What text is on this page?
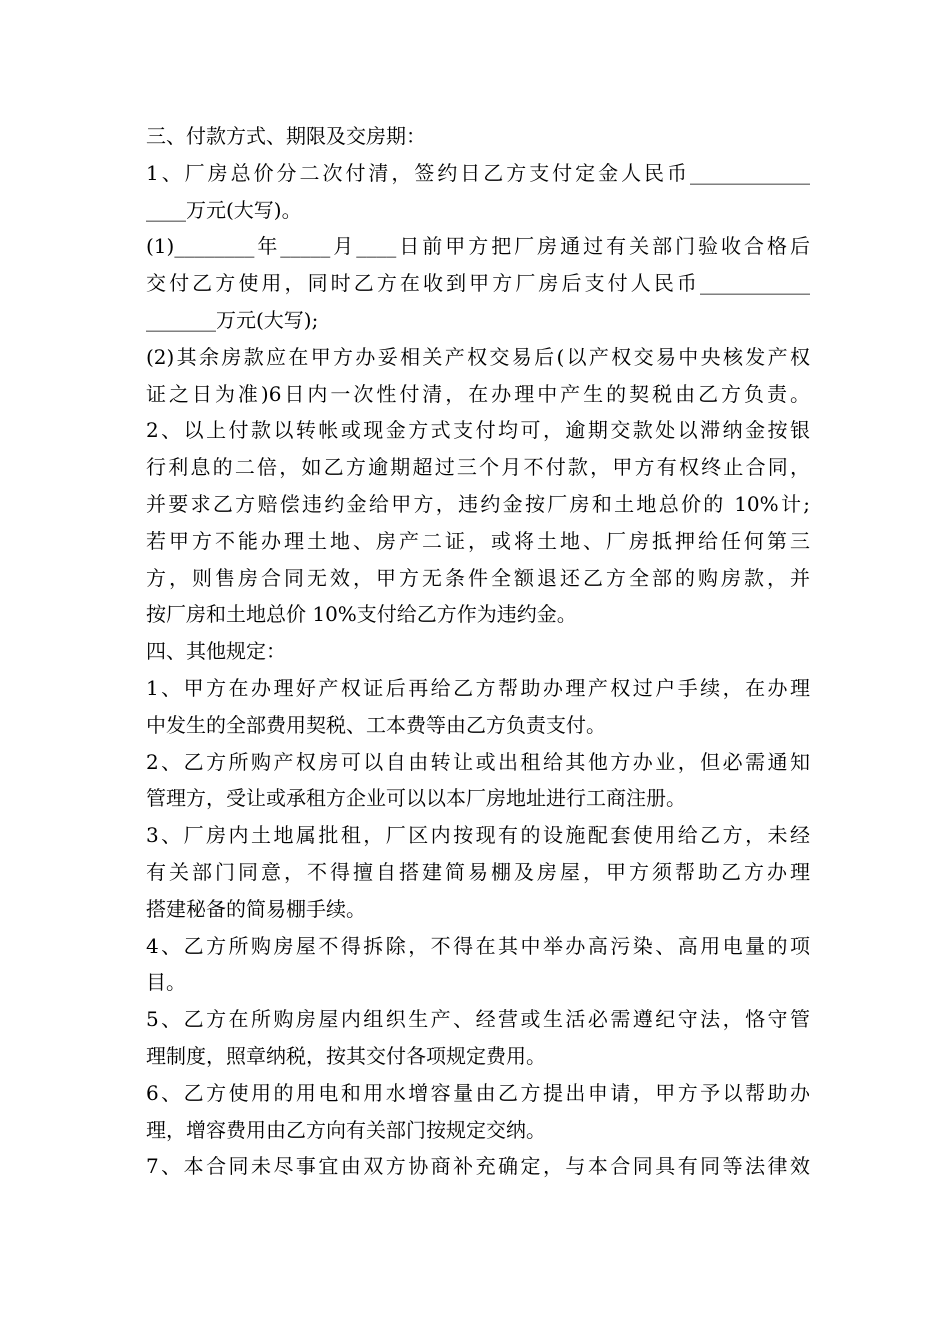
三、付款方式、期限及交房期：
1、厂房总价分二次付清，签约日乙方支付定金人民币____________
____万元(大写)。
(1)________年_____月____日前甲方把厂房通过有关部门验收合格后
交付乙方使用，同时乙方在收到甲方厂房后支付人民币___________
_______万元(大写);
(2)其余房款应在甲方办妥相关产权交易后(以产权交易中央核发产权
证之日为准)6日内一次性付清，在办理中产生的契税由乙方负责。
2、以上付款以转帐或现金方式支付均可，逾期交款处以滞纳金按银
行利息的二倍，如乙方逾期超过三个月不付款，甲方有权终止合同，
并要求乙方赔偿违约金给甲方，违约金按厂房和土地总价的 10%计;
若甲方不能办理土地、房产二证，或将土地、厂房抵押给任何第三
方，则售房合同无效，甲方无条件全额退还乙方全部的购房款，并
按厂房和土地总价 10%支付给乙方作为违约金。
四、其他规定：
1、甲方在办理好产权证后再给乙方帮助办理产权过户手续，在办理
中发生的全部费用契税、工本费等由乙方负责支付。
2、乙方所购产权房可以自由转让或出租给其他方办业，但必需通知
管理方，受让或承租方企业可以以本厂房地址进行工商注册。
3、厂房内土地属批租，厂区内按现有的设施配套使用给乙方，未经
有关部门同意，不得擅自搭建简易棚及房屋，甲方须帮助乙方办理
搭建秘备的简易棚手续。
4、乙方所购房屋不得拆除，不得在其中举办高污染、高用电量的项
目。
5、乙方在所购房屋内组织生产、经营或生活必需遵纪守法，恪守管
理制度，照章纳税，按其交付各项规定费用。
6、乙方使用的用电和用水增容量由乙方提出申请，甲方予以帮助办
理，增容费用由乙方向有关部门按规定交纳。
7、本合同未尽事宜由双方协商补充确定，与本合同具有同等法律效
